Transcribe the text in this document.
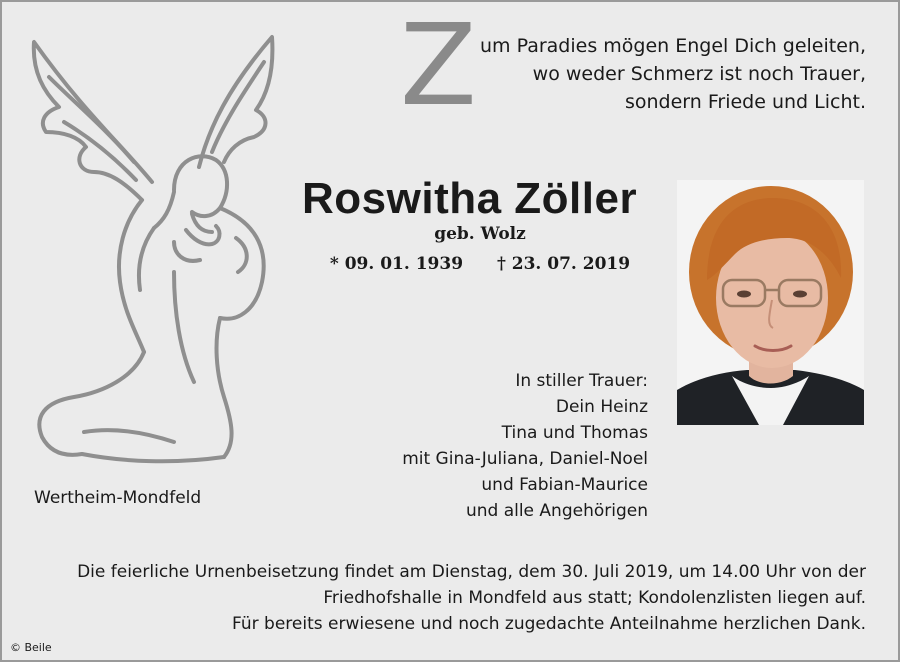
Z um Paradies mögen Engel Dich geleiten,
wo weder Schmerz ist noch Trauer,
sondern Friede und Licht.
Roswitha Zöller
geb. Wolz
* 09. 01. 1939 † 23. 07. 2019
In stiller Trauer:
Dein Heinz
Tina und Thomas
mit Gina-Juliana, Daniel-Noel
und Fabian-Maurice
und alle Angehörigen
Wertheim-Mondfeld
Die feierliche Urnenbeisetzung findet am Dienstag, dem 30. Juli 2019, um 14.00 Uhr von der
Friedhofshalle in Mondfeld aus statt; Kondolenzlisten liegen auf.
Für bereits erwiesene und noch zugedachte Anteilnahme herzlichen Dank.
© Beile
